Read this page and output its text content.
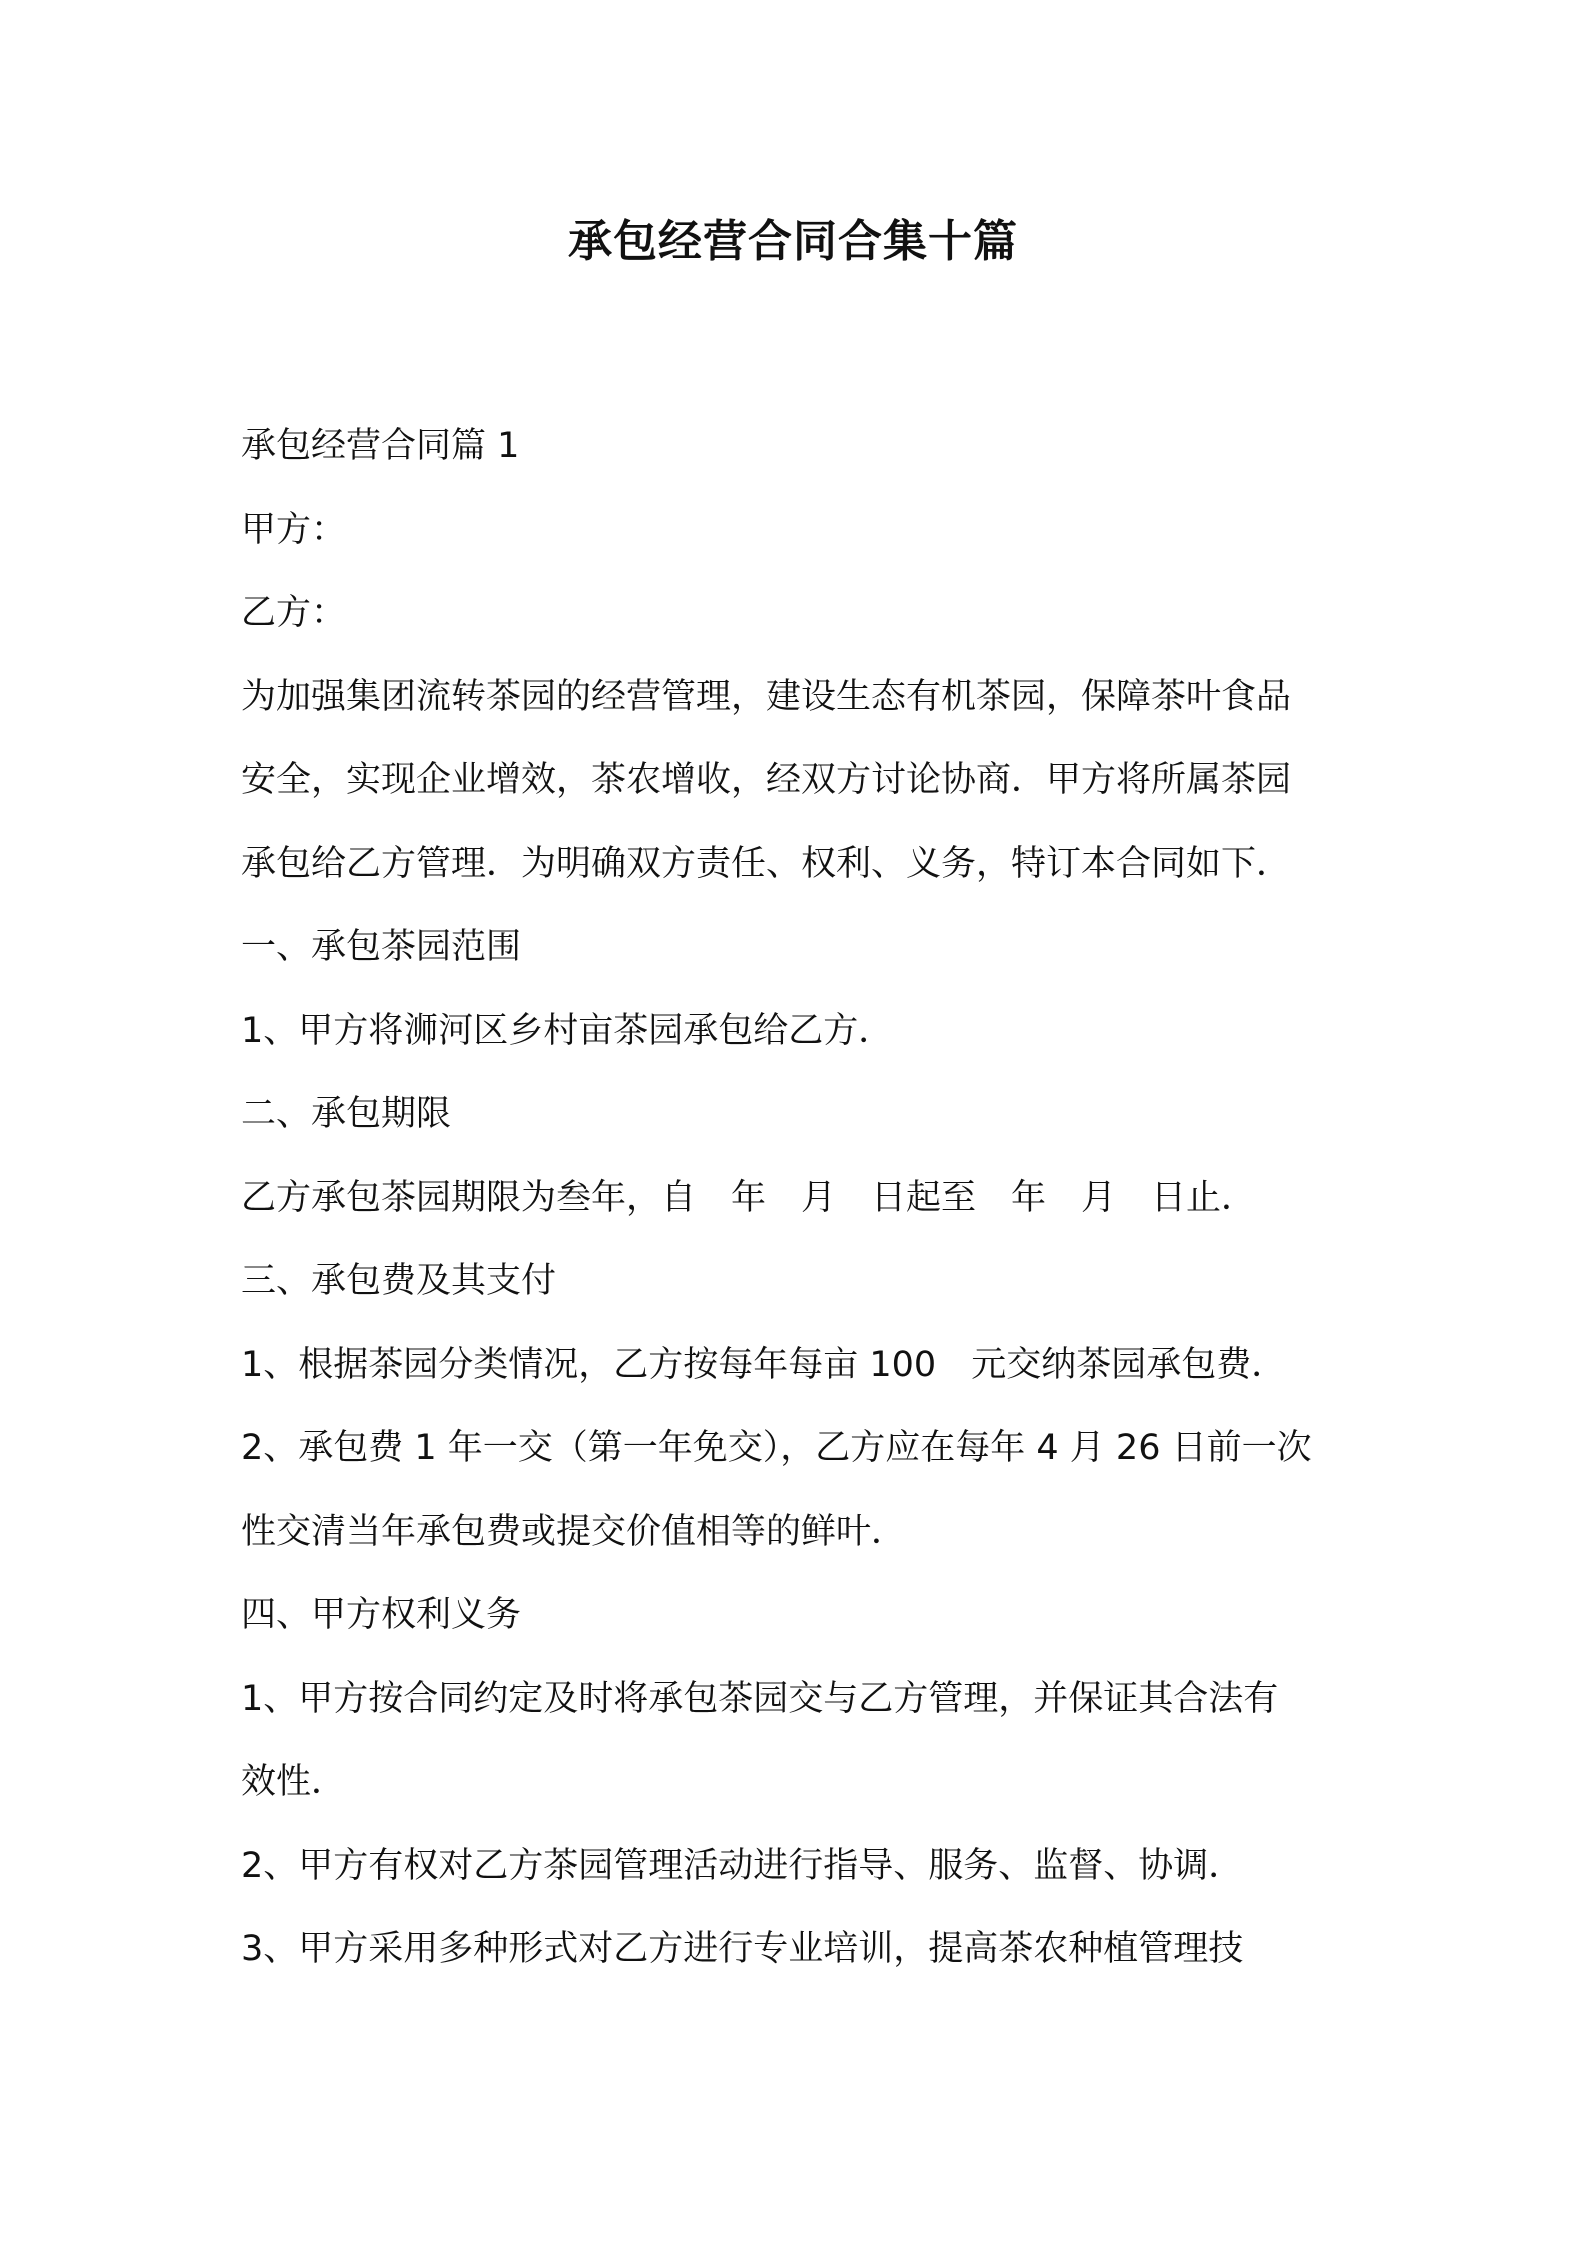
承包经营合同合集十篇

承包经营合同篇 1

甲方：

乙方：

为加强集团流转茶园的经营管理，建设生态有机茶园，保障茶叶食品

安全，实现企业增效，茶农增收，经双方讨论协商．甲方将所属茶园

承包给乙方管理．为明确双方责任、权利、义务，特订本合同如下．

一、承包茶园范围

1、甲方将浉河区乡村亩茶园承包给乙方．

二、承包期限

乙方承包茶园期限为叁年，自　年　月　日起至　年　月　日止．

三、承包费及其支付

1、根据茶园分类情况，乙方按每年每亩 100　元交纳茶园承包费．

2、承包费 1 年一交（第一年免交），乙方应在每年 4 月 26 日前一次

性交清当年承包费或提交价值相等的鲜叶．

四、甲方权利义务

1、甲方按合同约定及时将承包茶园交与乙方管理，并保证其合法有

效性．

2、甲方有权对乙方茶园管理活动进行指导、服务、监督、协调．

3、甲方采用多种形式对乙方进行专业培训，提高茶农种植管理技
